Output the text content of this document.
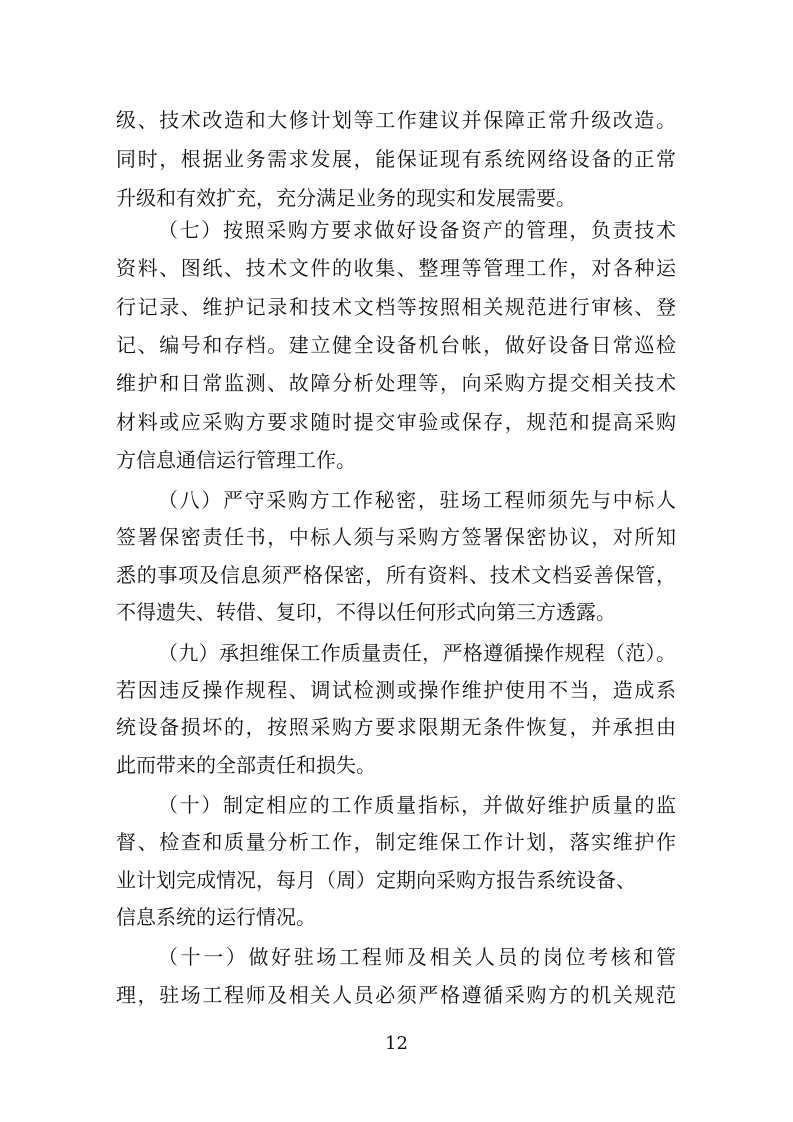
级、技术改造和大修计划等工作建议并保障正常升级改造。
同时，根据业务需求发展，能保证现有系统网络设备的正常
升级和有效扩充，充分满足业务的现实和发展需要。
（七）按照采购方要求做好设备资产的管理，负责技术
资料、图纸、技术文件的收集、整理等管理工作，对各种运
行记录、维护记录和技术文档等按照相关规范进行审核、登
记、编号和存档。建立健全设备机台帐，做好设备日常巡检
维护和日常监测、故障分析处理等，向采购方提交相关技术
材料或应采购方要求随时提交审验或保存，规范和提高采购
方信息通信运行管理工作。
（八）严守采购方工作秘密，驻场工程师须先与中标人
签署保密责任书，中标人须与采购方签署保密协议，对所知
悉的事项及信息须严格保密，所有资料、技术文档妥善保管，
不得遗失、转借、复印，不得以任何形式向第三方透露。
（九）承担维保工作质量责任，严格遵循操作规程（范）。
若因违反操作规程、调试检测或操作维护使用不当，造成系
统设备损坏的，按照采购方要求限期无条件恢复，并承担由
此而带来的全部责任和损失。
（十）制定相应的工作质量指标，并做好维护质量的监
督、检查和质量分析工作，制定维保工作计划，落实维护作
业计划完成情况，每月（周）定期向采购方报告系统设备、
信息系统的运行情况。
（十一）做好驻场工程师及相关人员的岗位考核和管
理，驻场工程师及相关人员必须严格遵循采购方的机关规范
12
